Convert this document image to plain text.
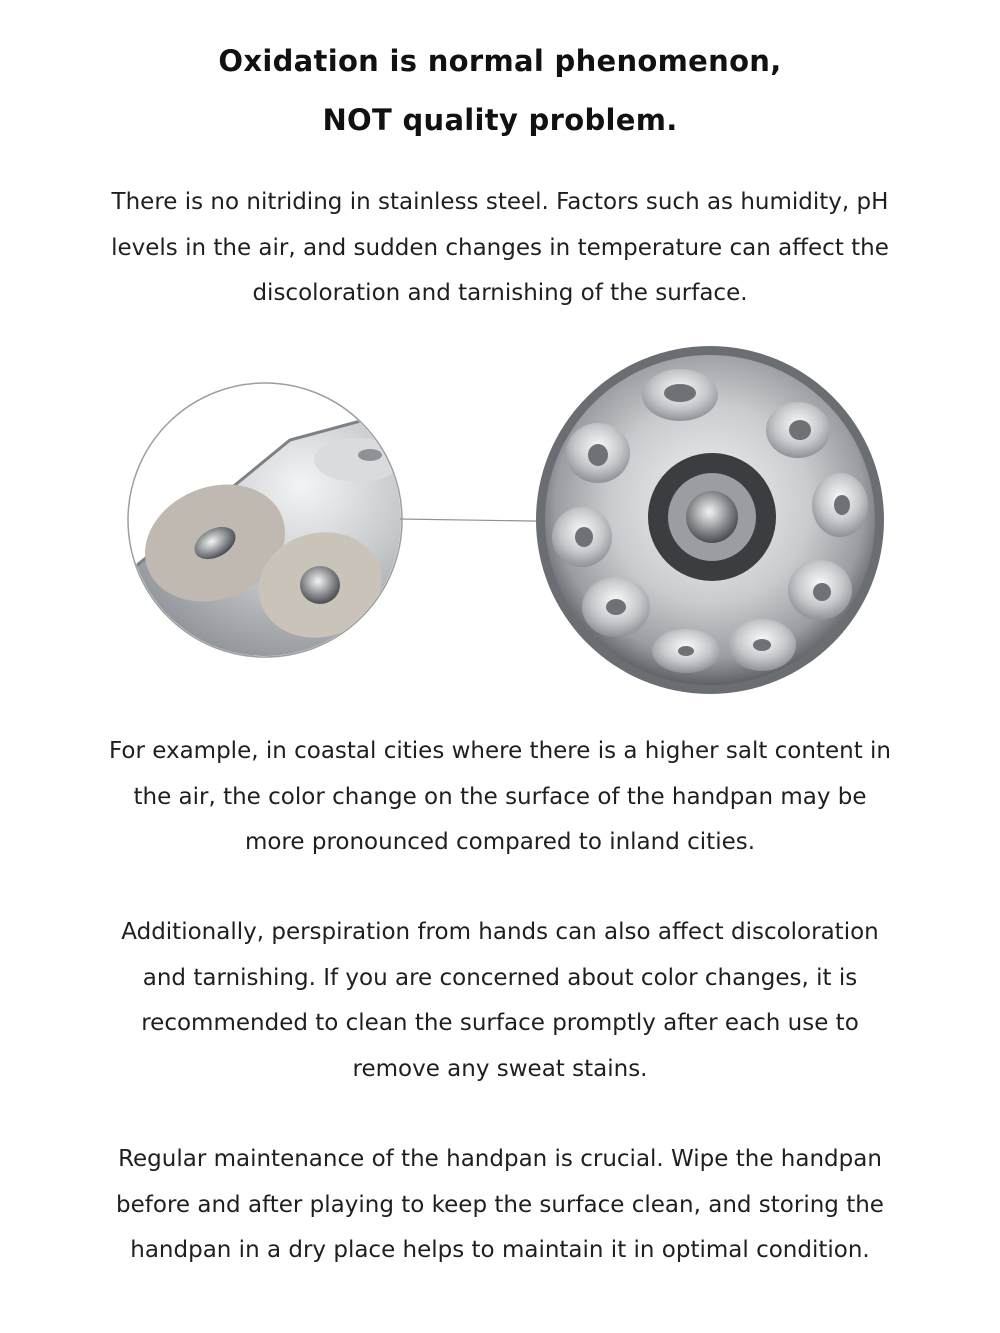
Oxidation is normal phenomenon,
NOT quality problem.
There is no nitriding in stainless steel. Factors such as humidity, pH
levels in the air, and sudden changes in temperature can affect the
discoloration and tarnishing of the surface.
For example, in coastal cities where there is a higher salt content in
the air, the color change on the surface of the handpan may be
more pronounced compared to inland cities.
Additionally, perspiration from hands can also affect discoloration
and tarnishing. If you are concerned about color changes, it is
recommended to clean the surface promptly after each use to
remove any sweat stains.
Regular maintenance of the handpan is crucial. Wipe the handpan
before and after playing to keep the surface clean, and storing the
handpan in a dry place helps to maintain it in optimal condition.
